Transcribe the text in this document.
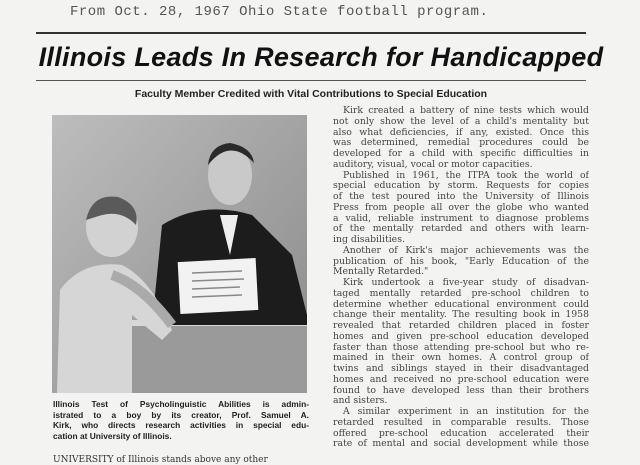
From Oct. 28, 1967 Ohio State football program.
Illinois Leads In Research for Handicapped
Faculty Member Credited with Vital Contributions to Special Education
Illinois Test of Psycholinguistic Abilities is admin-
istrated to a boy by its creator, Prof. Samuel A.
Kirk, who directs research activities in special edu-
cation at University of Illinois.
UNIVERSITY of Illinois stands above any other
Kirk created a battery of nine tests which would
not only show the level of a child's mentality but
also what deficiencies, if any, existed. Once this
was determined, remedial procedures could be
developed for a child with specific difficulties in
auditory, visual, vocal or motor capacities.
Published in 1961, the ITPA took the world of
special education by storm. Requests for copies
of the test poured into the University of Illinois
Press from people all over the globe who wanted
a valid, reliable instrument to diagnose problems
of the mentally retarded and others with learn-
ing disabilities.
Another of Kirk's major achievements was the
publication of his book, "Early Education of the
Mentally Retarded."
Kirk undertook a five-year study of disadvan-
taged mentally retarded pre-school children to
determine whether educational environment could
change their mentality. The resulting book in 1958
revealed that retarded children placed in foster
homes and given pre-school education developed
faster than those attending pre-school but who re-
mained in their own homes. A control group of
twins and siblings stayed in their disadvantaged
homes and received no pre-school education were
found to have developed less than their brothers
and sisters.
A similar experiment in an institution for the
retarded resulted in comparable results. Those
offered pre-school education accelerated their
rate of mental and social development while those
